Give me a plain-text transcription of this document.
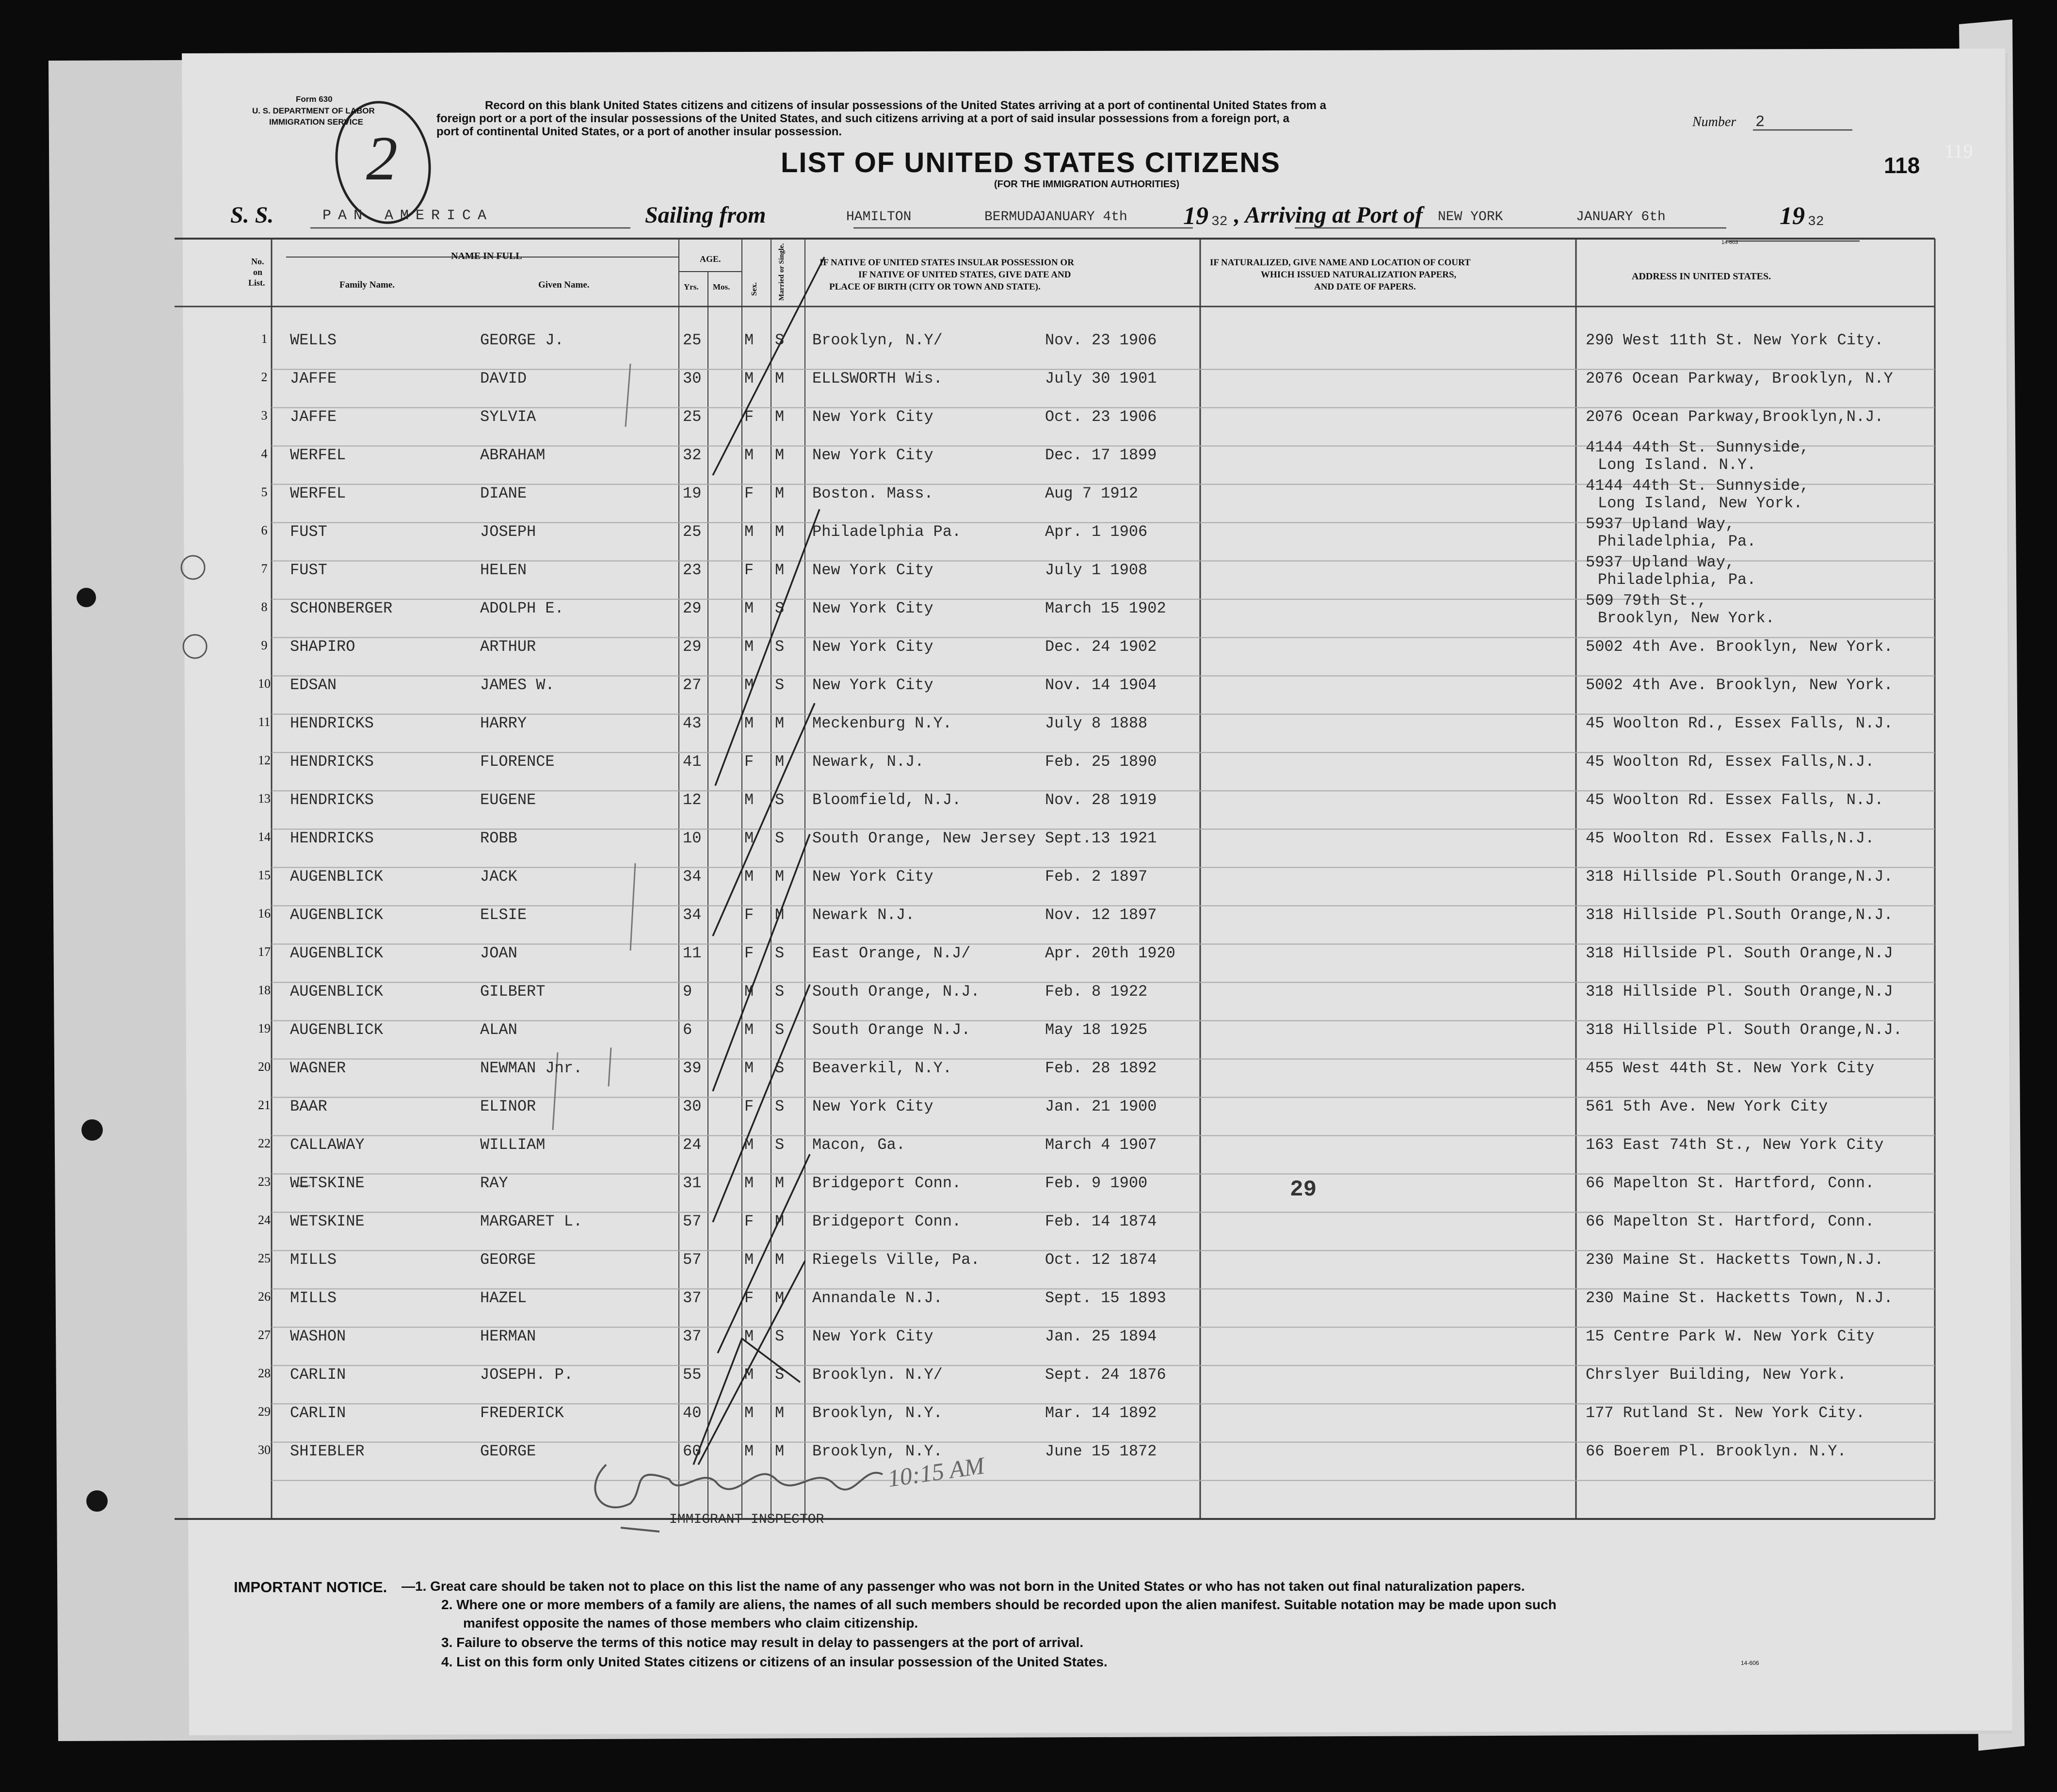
Form 630
U. S. DEPARTMENT OF LABOR
IMMIGRATION SERVICE
2
Record on this blank United States citizens and citizens of insular possessions of the United States arriving at a port of continental United States from a
foreign port or a port of the insular possessions of the United States, and such citizens arriving at a port of said insular possessions from a foreign port, a
port of continental United States, or a port of another insular possession.
Number 2
LIST OF UNITED STATES CITIZENS
(FOR THE IMMIGRATION AUTHORITIES)
118
119
S. S.	PAN AMERICA	Sailing from	HAMILTON	BERMUDA
JANUARY 4th 19 32 , Arriving at Port of NEW YORK	JANUARY 6th	19 32
14-603
No.
on
List.
NAME IN FULL
Family Name.	Given Name.
AGE.
Yrs. Mos.	Sex.	Married or Single.	IF NATIVE OF UNITED STATES INSULAR POSSESSION OR
IF NATIVE OF UNITED STATES, GIVE DATE AND
PLACE OF BIRTH (CITY OR TOWN AND STATE).
IF NATURALIZED, GIVE NAME AND LOCATION OF COURT
WHICH ISSUED NATURALIZATION PAPERS,
AND DATE OF PAPERS.
ADDRESS IN UNITED STATES.
1	WELLS	GEORGE J.	25	M S Brooklyn, N.Y/	Nov. 23 1906	290 West 11th St. New York City.
2	JAFFE	DAVID	30	M M ELLSWORTH Wis.	July 30 1901	2076 Ocean Parkway, Brooklyn, N.Y
3	JAFFE	SYLVIA	25	F M New York City	Oct. 23 1906	2076 Ocean Parkway,Brooklyn,N.J.
4	WERFEL	ABRAHAM	32	M M New York City	Dec. 17 1899	4144 44th St. Sunnyside,
Long Island. N.Y.
5	WERFEL	DIANE	19	F M Boston. Mass.	Aug 7 1912	4144 44th St. Sunnyside,
Long Island, New York.
6	FUST	JOSEPH	25	M M Philadelphia Pa.	Apr. 1 1906	5937 Upland Way,
Philadelphia, Pa.
7	FUST	HELEN	23	F M New York City	July 1 1908	5937 Upland Way,
Philadelphia, Pa.
8	SCHONBERGER	ADOLPH E.	29	M S New York City	March 15 1902	509 79th St.,
Brooklyn, New York.
9	SHAPIRO	ARTHUR	29	M S New York City	Dec. 24 1902	5002 4th Ave. Brooklyn, New York.
10 EDSAN	JAMES W.	27	M S New York City	Nov. 14 1904	5002 4th Ave. Brooklyn, New York.
11 HENDRICKS	HARRY	43	M M Meckenburg N.Y.	July 8 1888	45 Woolton Rd., Essex Falls, N.J.
12 HENDRICKS	FLORENCE	41	F M Newark, N.J.	Feb. 25 1890	45 Woolton Rd, Essex Falls,N.J.
13 HENDRICKS	EUGENE	12	M S Bloomfield, N.J.	Nov. 28 1919	45 Woolton Rd. Essex Falls, N.J.
14 HENDRICKS	ROBB	10	M S South Orange, New Jersey Sept.13 1921	45 Woolton Rd. Essex Falls,N.J.
15 AUGENBLICK	JACK	34	M M New York City	Feb. 2 1897	318 Hillside Pl.South Orange,N.J.
16 AUGENBLICK	ELSIE	34	F M Newark N.J.	Nov. 12 1897	318 Hillside Pl.South Orange,N.J.
17 AUGENBLICK	JOAN	11	F S East Orange, N.J/	Apr. 20th 1920	318 Hillside Pl. South Orange,N.J
18 AUGENBLICK	GILBERT	9	M S South Orange, N.J.	Feb. 8 1922	318 Hillside Pl. South Orange,N.J
19 AUGENBLICK	ALAN	6	M S South Orange N.J.	May 18 1925	318 Hillside Pl. South Orange,N.J.
20 WAGNER	NEWMAN Jnr.	39	M S Beaverkil, N.Y.	Feb. 28 1892	455 West 44th St. New York City
21 BAAR	ELINOR	30	F S New York City	Jan. 21 1900	561 5th Ave. New York City
22 CALLAWAY	WILLIAM	24	M S Macon, Ga.	March 4 1907	163 East 74th St., New York City
23 WETSKINE	RAY	31	M M Bridgeport Conn.	Feb. 9 1900	66 Mapelton St. Hartford, Conn.
24 WETSKINE	MARGARET L.	57	F M Bridgeport Conn.	Feb. 14 1874	66 Mapelton St. Hartford, Conn.
25 MILLS	GEORGE	57	M M Riegels Ville, Pa.	Oct. 12 1874	230 Maine St. Hacketts Town,N.J.
26 MILLS	HAZEL	37	F M Annandale N.J.	Sept. 15 1893	230 Maine St. Hacketts Town, N.J.
27 WASHON	HERMAN	37	M S New York City	Jan. 25 1894	15 Centre Park W. New York City
28 CARLIN	JOSEPH. P.	55	M S Brooklyn. N.Y/	Sept. 24 1876	Chrslyer Building, New York.
29 CARLIN	FREDERICK	40	M M Brooklyn, N.Y.	Mar. 14 1892	177 Rutland St. New York City.
30 SHIEBLER	GEORGE	60	M M Brooklyn, N.Y.	June 15 1872	66 Boerem Pl. Brooklyn. N.Y.
29
10:15 AM
IMMIGRANT INSPECTOR
IMPORTANT NOTICE. —1. Great care should be taken not to place on this list the name of any passenger who was not born in the United States or who has not taken out final naturalization papers.
2. Where one or more members of a family are aliens, the names of all such members should be recorded upon the alien manifest. Suitable notation may be made upon such
manifest opposite the names of those members who claim citizenship.
3. Failure to observe the terms of this notice may result in delay to passengers at the port of arrival.
4. List on this form only United States citizens or citizens of an insular possession of the United States.	14-606
